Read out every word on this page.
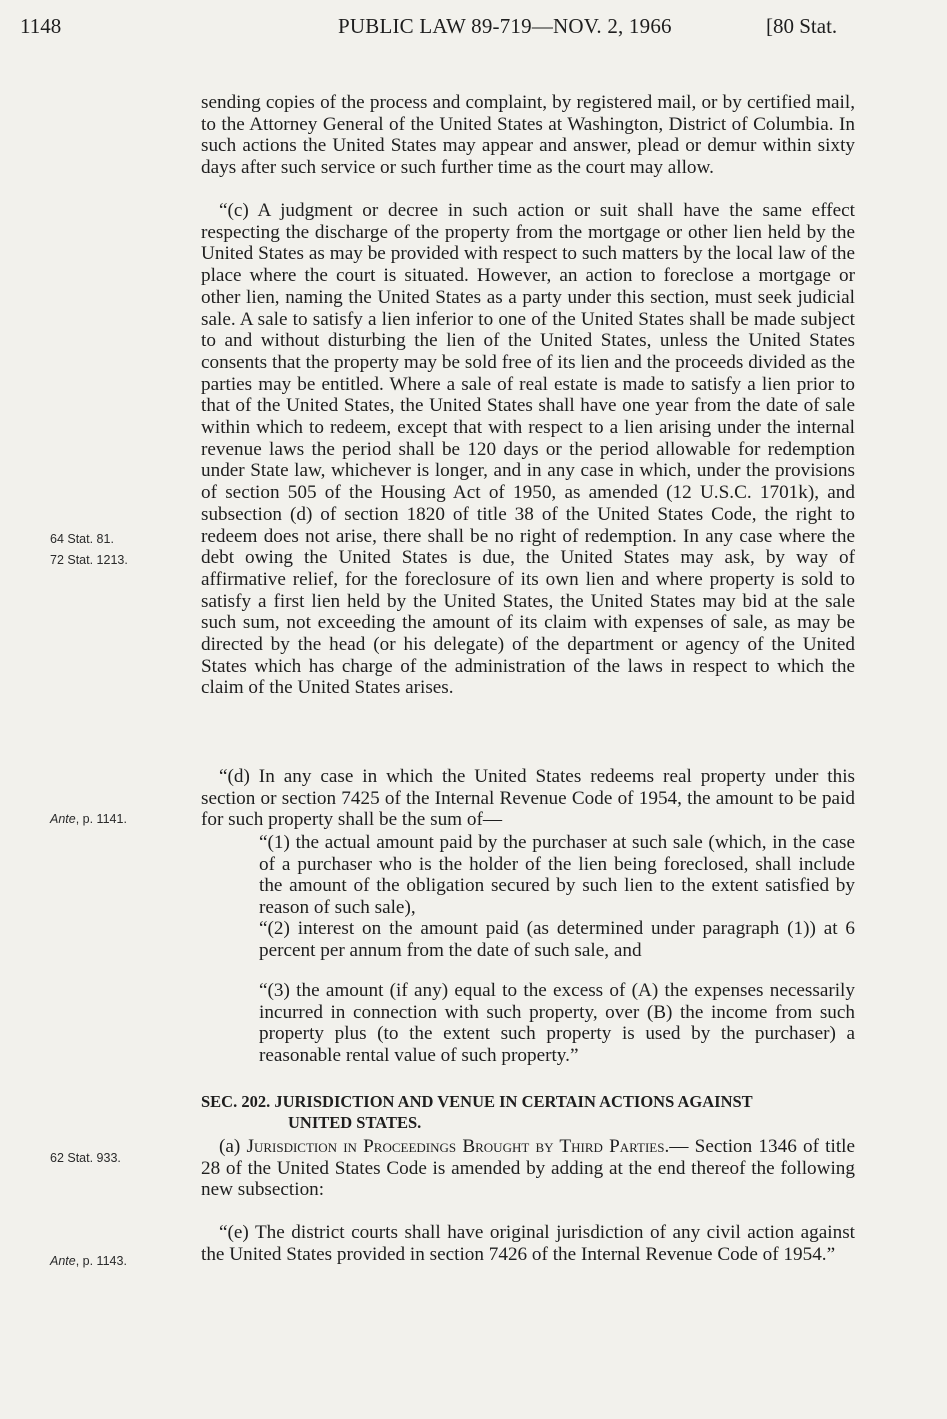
1148	PUBLIC LAW 89-719—NOV. 2, 1966	[80 Stat.

sending copies of the process and complaint, by registered mail, or by certified mail, to the Attorney General of the United States at Washington, District of Columbia. In such actions the United States may appear and answer, plead or demur within sixty days after such service or such further time as the court may allow.

“(c) A judgment or decree in such action or suit shall have the same effect respecting the discharge of the property from the mortgage or other lien held by the United States as may be provided with respect to such matters by the local law of the place where the court is situated. However, an action to foreclose a mortgage or other lien, naming the United States as a party under this section, must seek judicial sale. A sale to satisfy a lien inferior to one of the United States shall be made subject to and without disturbing the lien of the United States, unless the United States consents that the property may be sold free of its lien and the proceeds divided as the parties may be entitled. Where a sale of real estate is made to satisfy a lien prior to that of the United States, the United States shall have one year from the date of sale within which to redeem, except that with respect to a lien arising under the internal revenue laws the period shall be 120 days or the period allowable for redemption under State law, whichever is longer, and in any case in which, under the provisions of section 505 of the Housing Act of 1950, as amended (12 U.S.C. 1701k), and subsection (d) of section 1820 of title 38 of the United States Code, the right to redeem does not arise, there shall be no right of redemption. In any case where the debt owing the United States is due, the United States may ask, by way of affirmative relief, for the foreclosure of its own lien and where property is sold to satisfy a first lien held by the United States, the United States may bid at the sale such sum, not exceeding the amount of its claim with expenses of sale, as may be directed by the head (or his delegate) of the department or agency of the United States which has charge of the administration of the laws in respect to which the claim of the United States arises.

“(d) In any case in which the United States redeems real property under this section or section 7425 of the Internal Revenue Code of 1954, the amount to be paid for such property shall be the sum of—

“(1) the actual amount paid by the purchaser at such sale (which, in the case of a purchaser who is the holder of the lien being foreclosed, shall include the amount of the obligation secured by such lien to the extent satisfied by reason of such sale),

“(2) interest on the amount paid (as determined under paragraph (1)) at 6 percent per annum from the date of such sale, and

“(3) the amount (if any) equal to the excess of (A) the expenses necessarily incurred in connection with such property, over (B) the income from such property plus (to the extent such property is used by the purchaser) a reasonable rental value of such property.”

SEC. 202. JURISDICTION AND VENUE IN CERTAIN ACTIONS AGAINST
UNITED STATES.

(a) Jurisdiction in Proceedings Brought by Third Parties.— Section 1346 of title 28 of the United States Code is amended by adding at the end thereof the following new subsection:

“(e) The district courts shall have original jurisdiction of any civil action against the United States provided in section 7426 of the Internal Revenue Code of 1954.”

64 Stat. 81.
72 Stat. 1213.
Ante, p. 1141.
62 Stat. 933.
Ante, p. 1143.
